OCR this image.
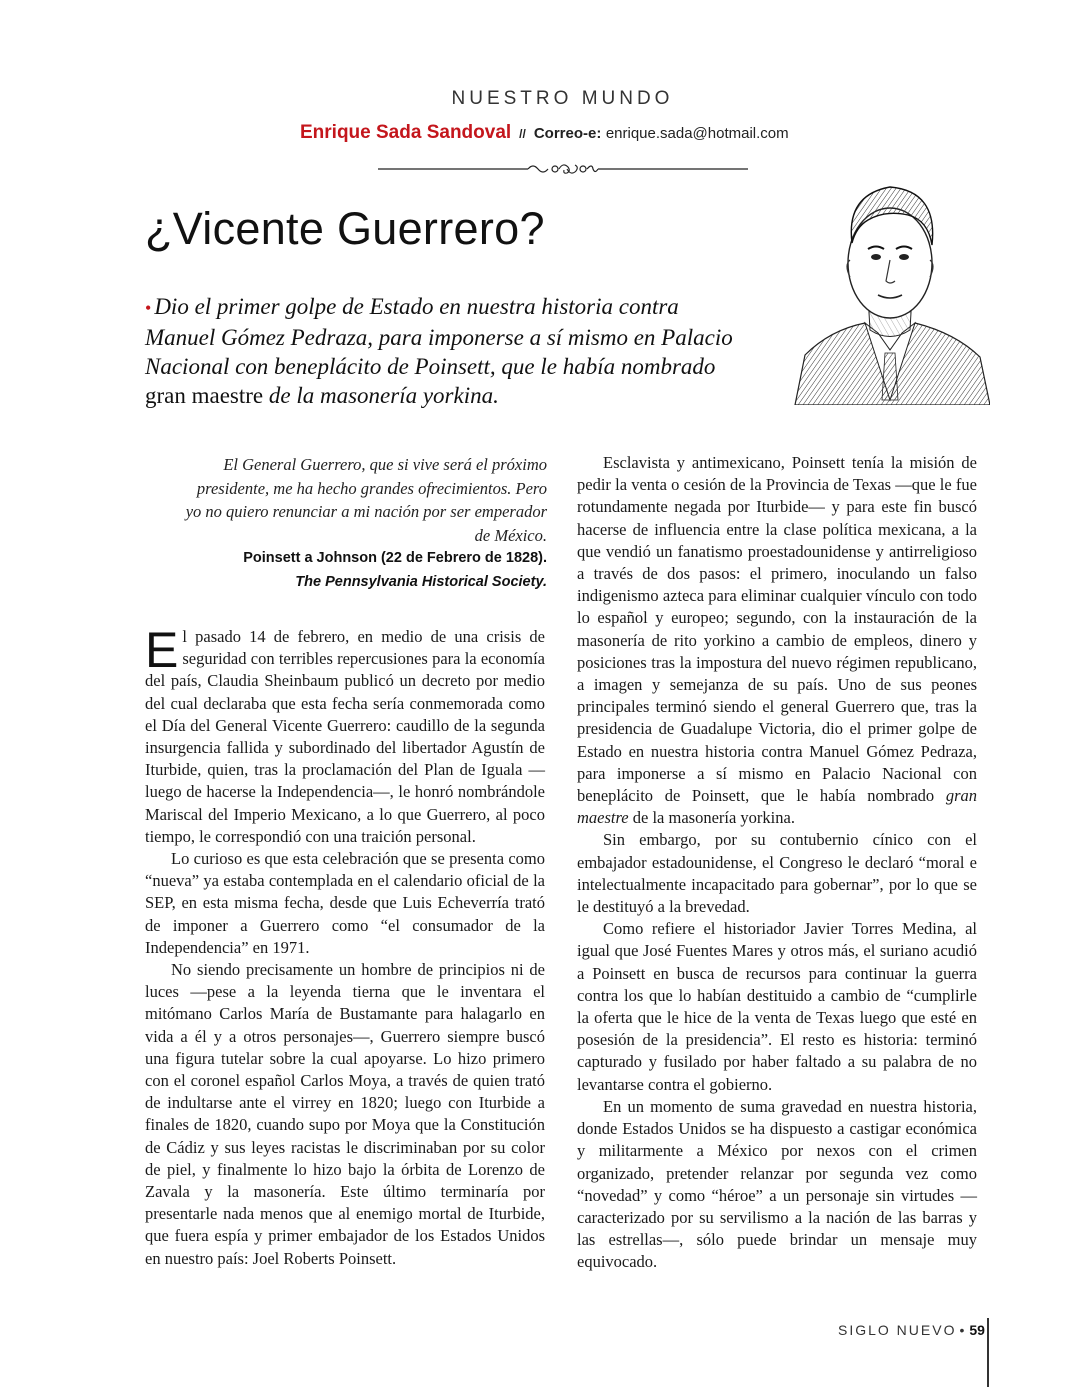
NUESTRO MUNDO
Enrique Sada Sandoval // Correo-e: enrique.sada@hotmail.com
¿Vicente Guerrero?
• Dio el primer golpe de Estado en nuestra historia contra Manuel Gómez Pedraza, para imponerse a sí mismo en Palacio Nacional con beneplácito de Poinsett, que le había nombrado gran maestre de la masonería yorkina.
El General Guerrero, que si vive será el próximo presidente, me ha hecho grandes ofrecimientos. Pero yo no quiero renunciar a mi nación por ser emperador de México.
Poinsett a Johnson (22 de Febrero de 1828).
The Pennsylvania Historical Society.

El pasado 14 de febrero, en medio de una crisis de seguridad con terribles repercusiones para la economía del país, Claudia Sheinbaum publicó un decreto por medio del cual declaraba que esta fecha sería conmemorada como el Día del General Vicente Guerrero: caudillo de la segunda insurgencia fallida y subordinado del libertador Agustín de Iturbide, quien, tras la proclamación del Plan de Iguala —luego de hacerse la Independencia—, le honró nombrándole Mariscal del Imperio Mexicano, a lo que Guerrero, al poco tiempo, le correspondió con una traición personal.

Lo curioso es que esta celebración que se presenta como “nueva” ya estaba contemplada en el calendario oficial de la SEP, en esta misma fecha, desde que Luis Echeverría trató de imponer a Guerrero como “el consumador de la Independencia” en 1971.

No siendo precisamente un hombre de principios ni de luces —pese a la leyenda tierna que le inventara el mitómano Carlos María de Bustamante para halagarlo en vida a él y a otros personajes—, Guerrero siempre buscó una figura tutelar sobre la cual apoyarse. Lo hizo primero con el coronel español Carlos Moya, a través de quien trató de indultarse ante el virrey en 1820; luego con Iturbide a finales de 1820, cuando supo por Moya que la Constitución de Cádiz y sus leyes racistas le discriminaban por su color de piel, y finalmente lo hizo bajo la órbita de Lorenzo de Zavala y la masonería. Este último terminaría por presentarle nada menos que al enemigo mortal de Iturbide, que fuera espía y primer embajador de los Estados Unidos en nuestro país: Joel Roberts Poinsett.

Esclavista y antimexicano, Poinsett tenía la misión de pedir la venta o cesión de la Provincia de Texas —que le fue rotundamente negada por Iturbide— y para este fin buscó hacerse de influencia entre la clase política mexicana, a la que vendió un fanatismo proestadounidense y antirreligioso a través de dos pasos: el primero, inoculando un falso indigenismo azteca para eliminar cualquier vínculo con todo lo español y europeo; segundo, con la instauración de la masonería de rito yorkino a cambio de empleos, dinero y posiciones tras la impostura del nuevo régimen republicano, a imagen y semejanza de su país. Uno de sus peones principales terminó siendo el general Guerrero que, tras la presidencia de Guadalupe Victoria, dio el primer golpe de Estado en nuestra historia contra Manuel Gómez Pedraza, para imponerse a sí mismo en Palacio Nacional con beneplácito de Poinsett, que le había nombrado gran maestre de la masonería yorkina.

Sin embargo, por su contubernio cínico con el embajador estadounidense, el Congreso le declaró “moral e intelectualmente incapacitado para gobernar”, por lo que se le destituyó a la brevedad.

Como refiere el historiador Javier Torres Medina, al igual que José Fuentes Mares y otros más, el suriano acudió a Poinsett en busca de recursos para continuar la guerra contra los que lo habían destituido a cambio de “cumplirle la oferta que le hice de la venta de Texas luego que esté en posesión de la presidencia”. El resto es historia: terminó capturado y fusilado por haber faltado a su palabra de no levantarse contra el gobierno.

En un momento de suma gravedad en nuestra historia, donde Estados Unidos se ha dispuesto a castigar económica y militarmente a México por nexos con el crimen organizado, pretender relanzar por segunda vez como “novedad” y como “héroe” a un personaje sin virtudes —caracterizado por su servilismo a la nación de las barras y las estrellas—, sólo puede brindar un mensaje muy equivocado.

SIGLO NUEVO • 59
